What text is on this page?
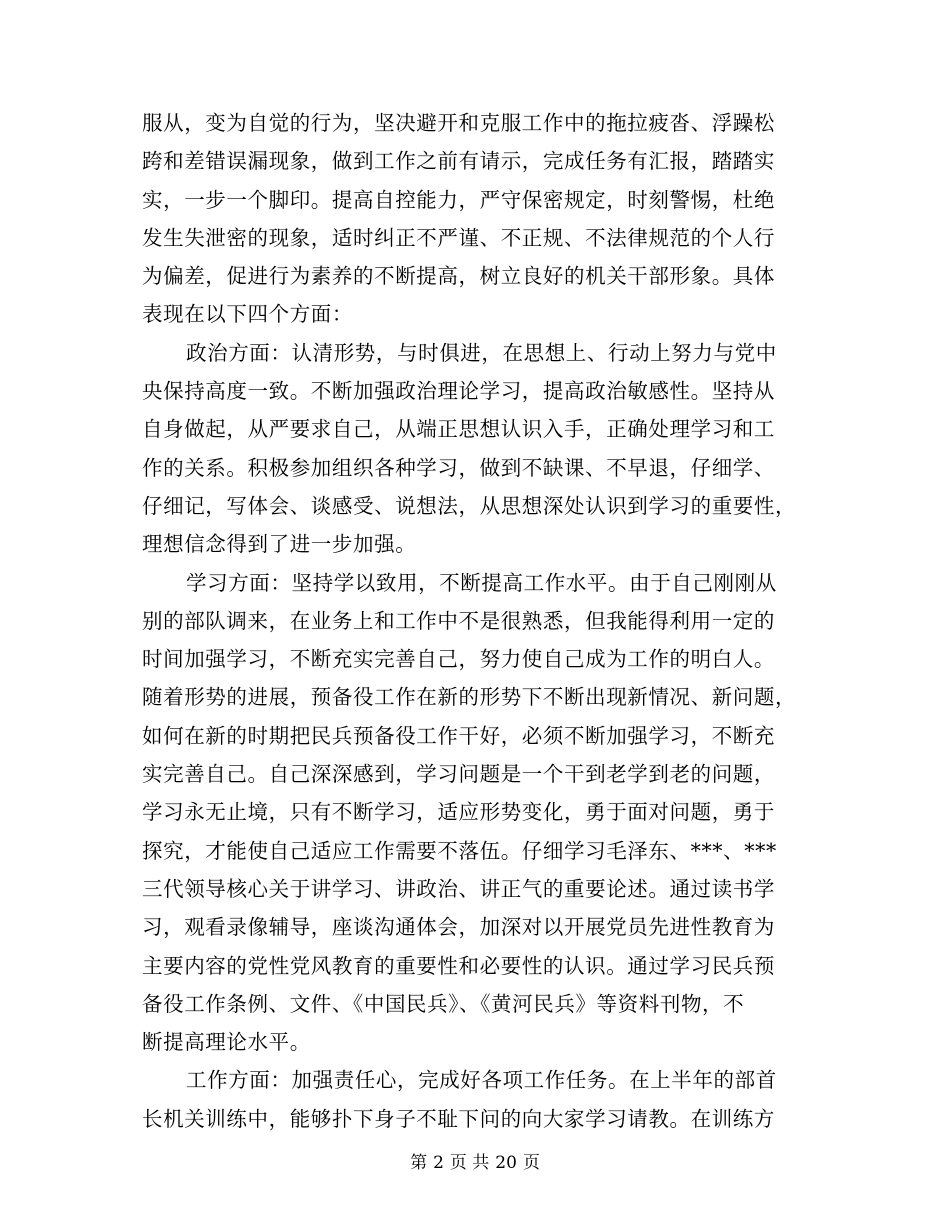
服从，变为自觉的行为，坚决避开和克服工作中的拖拉疲沓、浮躁松
跨和差错误漏现象，做到工作之前有请示，完成任务有汇报，踏踏实
实，一步一个脚印。提高自控能力，严守保密规定，时刻警惕，杜绝
发生失泄密的现象，适时纠正不严谨、不正规、不法律规范的个人行
为偏差，促进行为素养的不断提高，树立良好的机关干部形象。具体
表现在以下四个方面：
政治方面：认清形势，与时俱进，在思想上、行动上努力与党中
央保持高度一致。不断加强政治理论学习，提高政治敏感性。坚持从
自身做起，从严要求自己，从端正思想认识入手，正确处理学习和工
作的关系。积极参加组织各种学习，做到不缺课、不早退，仔细学、
仔细记，写体会、谈感受、说想法，从思想深处认识到学习的重要性，
理想信念得到了进一步加强。
学习方面：坚持学以致用，不断提高工作水平。由于自己刚刚从
别的部队调来，在业务上和工作中不是很熟悉，但我能得利用一定的
时间加强学习，不断充实完善自己，努力使自己成为工作的明白人。
随着形势的进展，预备役工作在新的形势下不断出现新情况、新问题，
如何在新的时期把民兵预备役工作干好，必须不断加强学习，不断充
实完善自己。自己深深感到，学习问题是一个干到老学到老的问题，
学习永无止境，只有不断学习，适应形势变化，勇于面对问题，勇于
探究，才能使自己适应工作需要不落伍。仔细学习毛泽东、***、***
三代领导核心关于讲学习、讲政治、讲正气的重要论述。通过读书学
习，观看录像辅导，座谈沟通体会，加深对以开展党员先进性教育为
主要内容的党性党风教育的重要性和必要性的认识。通过学习民兵预
备役工作条例、文件、《中国民兵》、《黄河民兵》等资料刊物，不
断提高理论水平。
工作方面：加强责任心，完成好各项工作任务。在上半年的部首
长机关训练中，能够扑下身子不耻下问的向大家学习请教。在训练方
第 2 页 共 20 页
